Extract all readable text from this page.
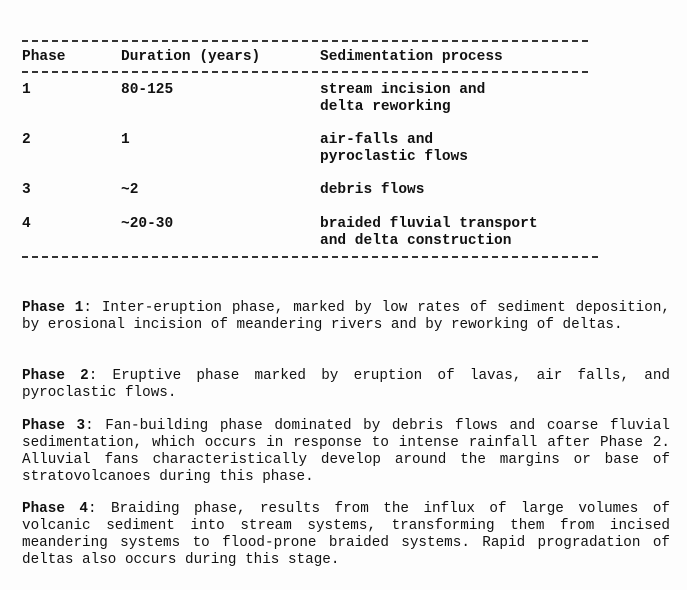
Phase	Duration (years)	Sedimentation process
1	80-125	stream incision and
delta reworking
2	1	air-falls and
pyroclastic flows
3	~2	debris flows
4	~20-30	braided fluvial transport
and delta construction
Phase 1: Inter-eruption phase, marked by low rates of sediment deposition, by erosional incision of meandering rivers and by reworking of deltas.
Phase 2: Eruptive phase marked by eruption of lavas, air falls, and pyroclastic flows.
Phase 3: Fan-building phase dominated by debris flows and coarse fluvial sedimentation, which occurs in response to intense rainfall after Phase 2. Alluvial fans characteristically develop around the margins or base of stratovolcanoes during this phase.
Phase 4: Braiding phase, results from the influx of large volumes of volcanic sediment into stream systems, transforming them from incised meandering systems to flood-prone braided systems. Rapid progradation of deltas also occurs during this stage.
